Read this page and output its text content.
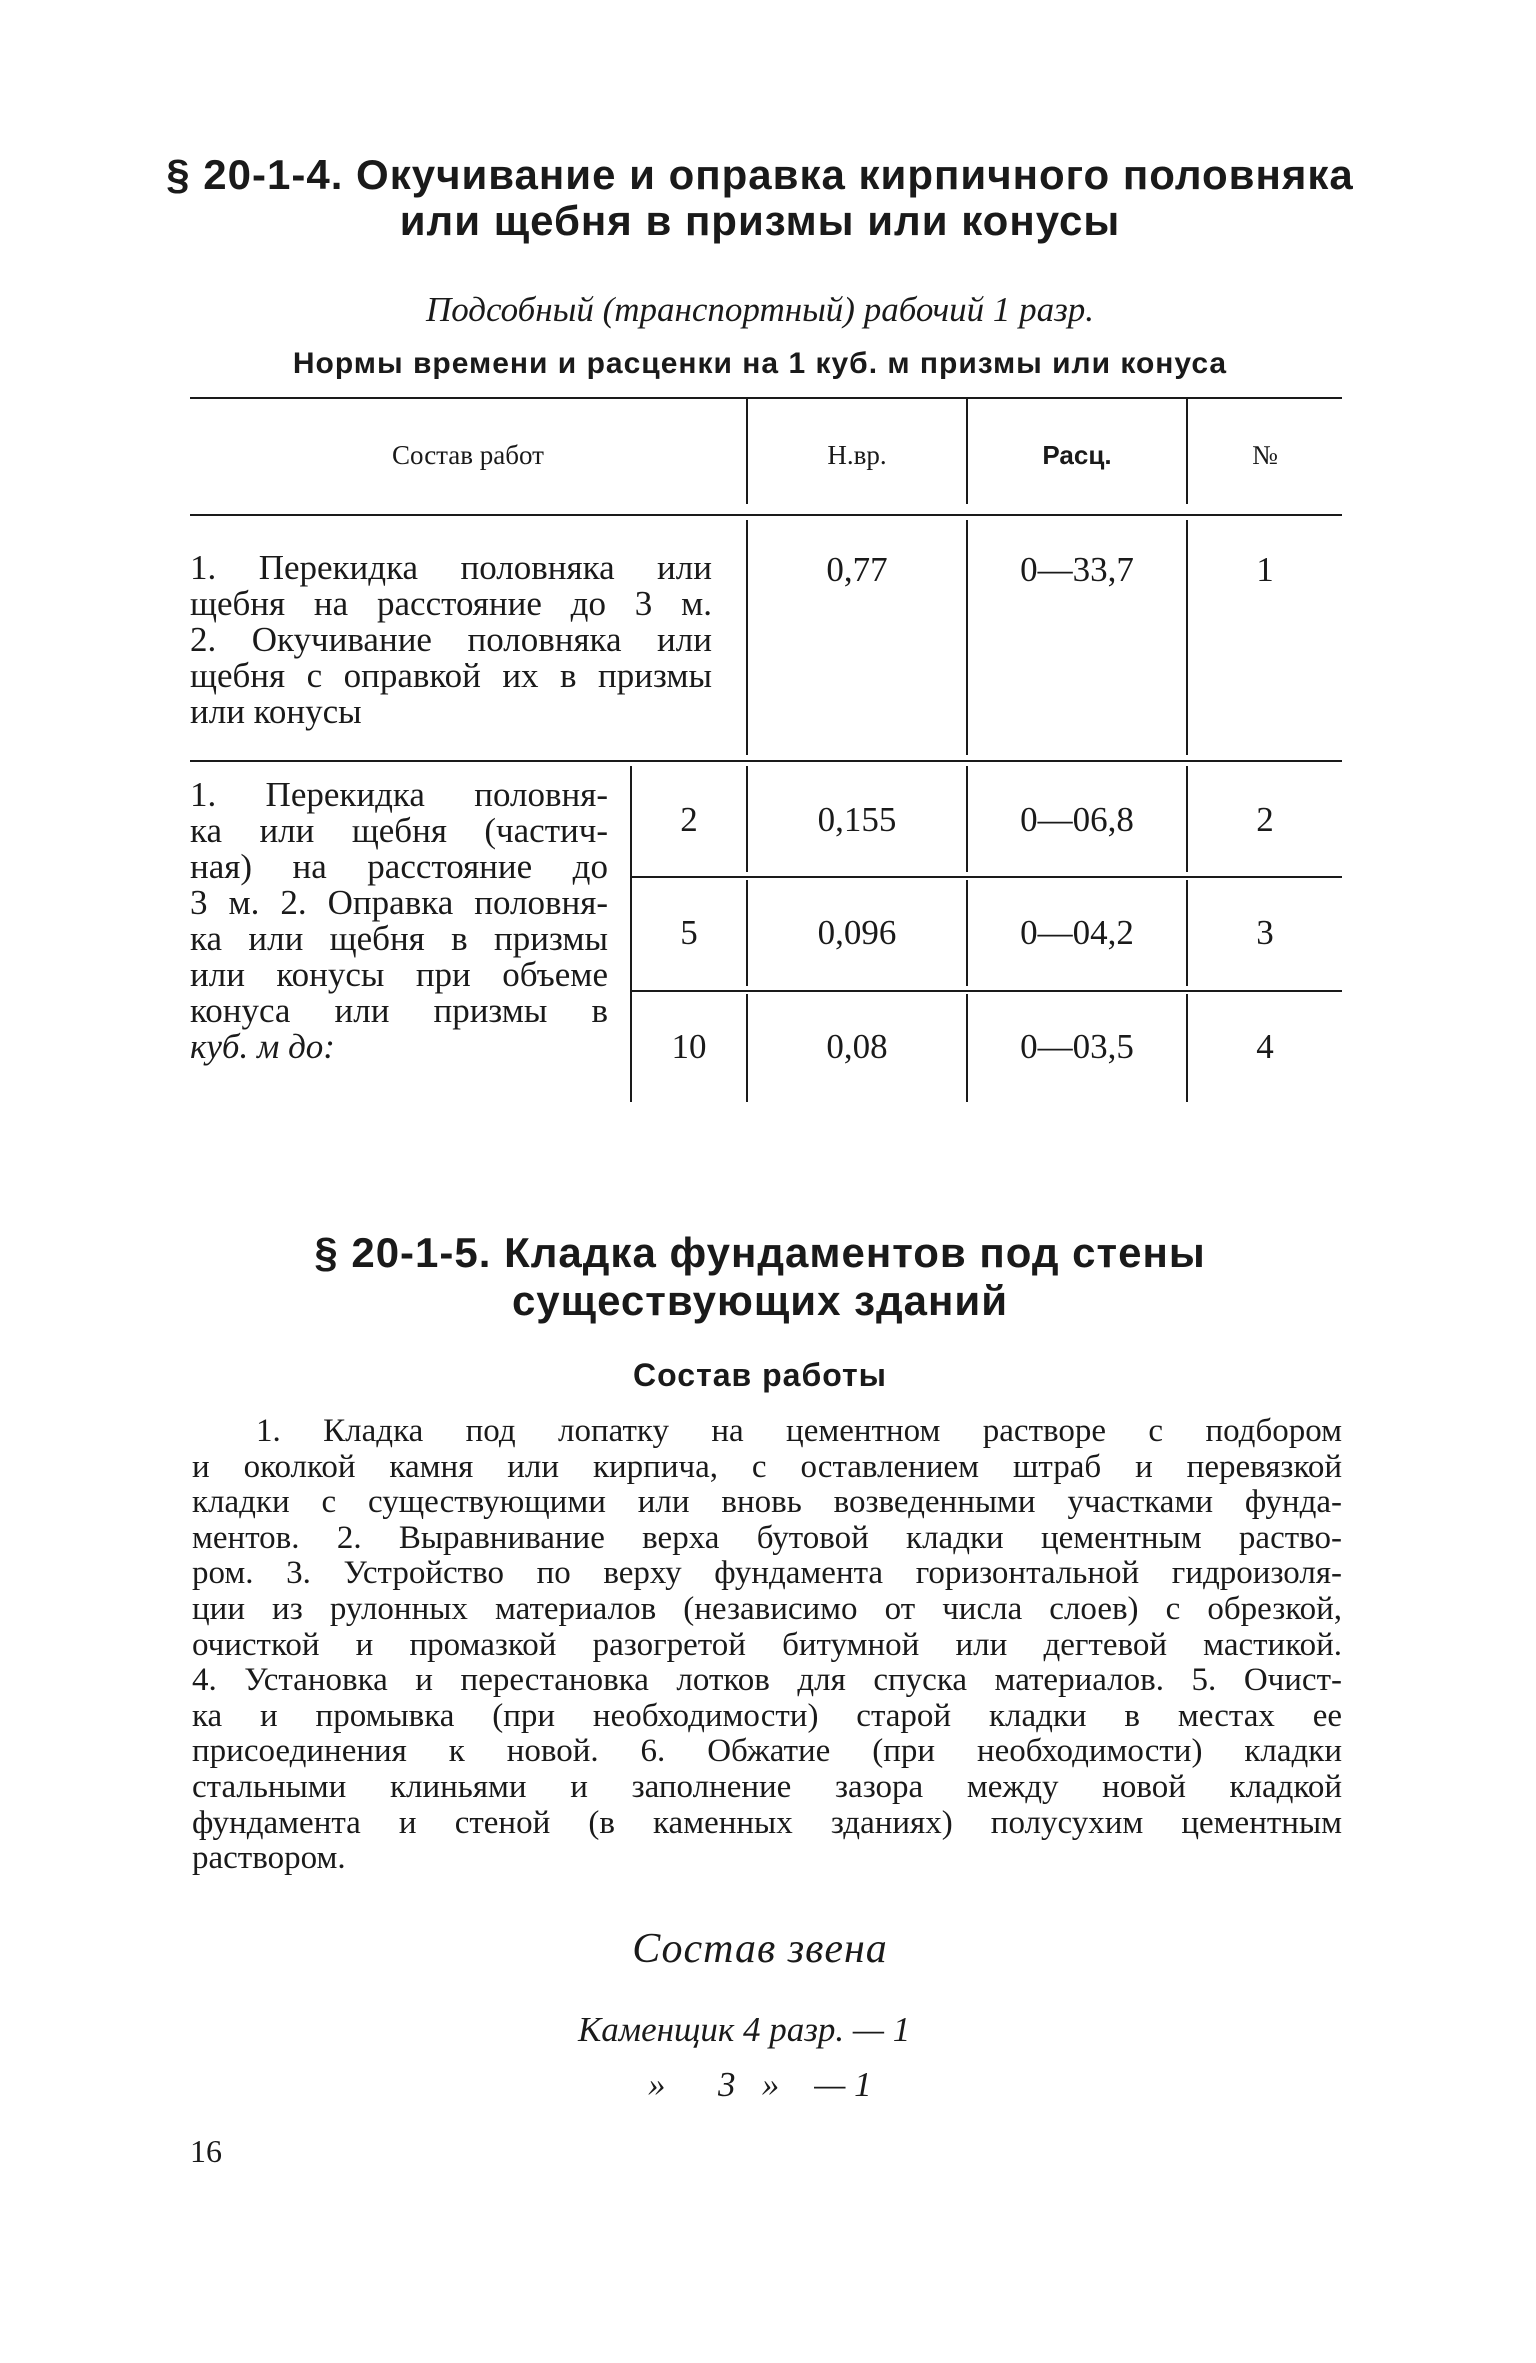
§ 20-1-4. Окучивание и оправка кирпичного половняка
или щебня в призмы или конусы
Подсобный (транспортный) рабочий 1 разр.
Нормы времени и расценки на 1 куб. м призмы или конуса
Состав работ	Н.вр.	Расц.	№
1. Перекидка половняка или
щебня на расстояние до 3 м.
2. Окучивание половняка или
щебня с оправкой их в призмы
или конусы
0,77	0—33,7	1
1. Перекидка половня-
ка или щебня (частич-
ная) на расстояние до
3 м. 2. Оправка половня-
ка или щебня в призмы
или конусы при объеме
конуса или призмы в
куб. м до:
2	0,155	0—06,8	2
5	0,096	0—04,2	3
10	0,08	0—03,5	4
§ 20-1-5. Кладка фундаментов под стены
существующих зданий
Состав работы
1. Кладка под лопатку на цементном растворе с подбором
и околкой камня или кирпича, с оставлением штраб и перевязкой
кладки с существующими или вновь возведенными участками фунда-
ментов. 2. Выравнивание верха бутовой кладки цементным раство-
ром. 3. Устройство по верху фундамента горизонтальной гидроизоля-
ции из рулонных материалов (независимо от числа слоев) с обрезкой,
очисткой и промазкой разогретой битумной или дегтевой мастикой.
4. Установка и перестановка лотков для спуска материалов. 5. Очист-
ка и промывка (при необходимости) старой кладки в местах ее
присоединения к новой. 6. Обжатие (при необходимости) кладки
стальными клиньями и заполнение зазора между новой кладкой
фундамента и стеной (в каменных зданиях) полусухим цементным
раствором.
Состав звена
Каменщик 4 разр. — 1
»      3   »    — 1
16
